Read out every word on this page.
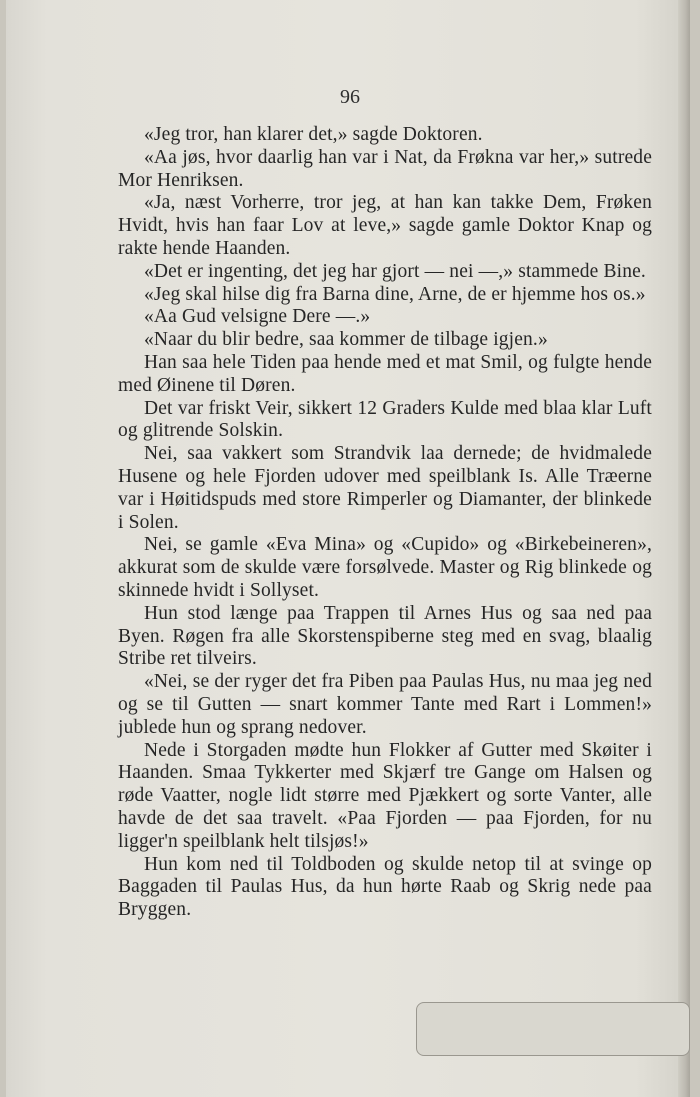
96

«Jeg tror, han klarer det,» sagde Doktoren.

«Aa jøs, hvor daarlig han var i Nat, da Frøkna var her,» sutrede Mor Henriksen.

«Ja, næst Vorherre, tror jeg, at han kan takke Dem, Frøken Hvidt, hvis han faar Lov at leve,» sagde gamle Doktor Knap og rakte hende Haanden.

«Det er ingenting, det jeg har gjort — nei —,» stammede Bine.

«Jeg skal hilse dig fra Barna dine, Arne, de er hjemme hos os.»

«Aa Gud velsigne Dere —.»

«Naar du blir bedre, saa kommer de tilbage igjen.»

Han saa hele Tiden paa hende med et mat Smil, og fulgte hende med Øinene til Døren.

Det var friskt Veir, sikkert 12 Graders Kulde med blaa klar Luft og glitrende Solskin.

Nei, saa vakkert som Strandvik laa dernede; de hvidmalede Husene og hele Fjorden udover med speilblank Is. Alle Træerne var i Høitidspuds med store Rimperler og Diamanter, der blinkede i Solen.

Nei, se gamle «Eva Mina» og «Cupido» og «Birkebeineren», akkurat som de skulde være forsølvede. Master og Rig blinkede og skinnede hvidt i Sollyset.

Hun stod længe paa Trappen til Arnes Hus og saa ned paa Byen. Røgen fra alle Skorstenspiberne steg med en svag, blaalig Stribe ret tilveirs.

«Nei, se der ryger det fra Piben paa Paulas Hus, nu maa jeg ned og se til Gutten — snart kommer Tante med Rart i Lommen!» jublede hun og sprang nedover.

Nede i Storgaden mødte hun Flokker af Gutter med Skøiter i Haanden. Smaa Tykkerter med Skjærf tre Gange om Halsen og røde Vaatter, nogle lidt større med Pjækkert og sorte Vanter, alle havde de det saa travelt. «Paa Fjorden — paa Fjorden, for nu ligger'n speilblank helt tilsjøs!»

Hun kom ned til Toldboden og skulde netop til at svinge op Baggaden til Paulas Hus, da hun hørte Raab og Skrig nede paa Bryggen.
